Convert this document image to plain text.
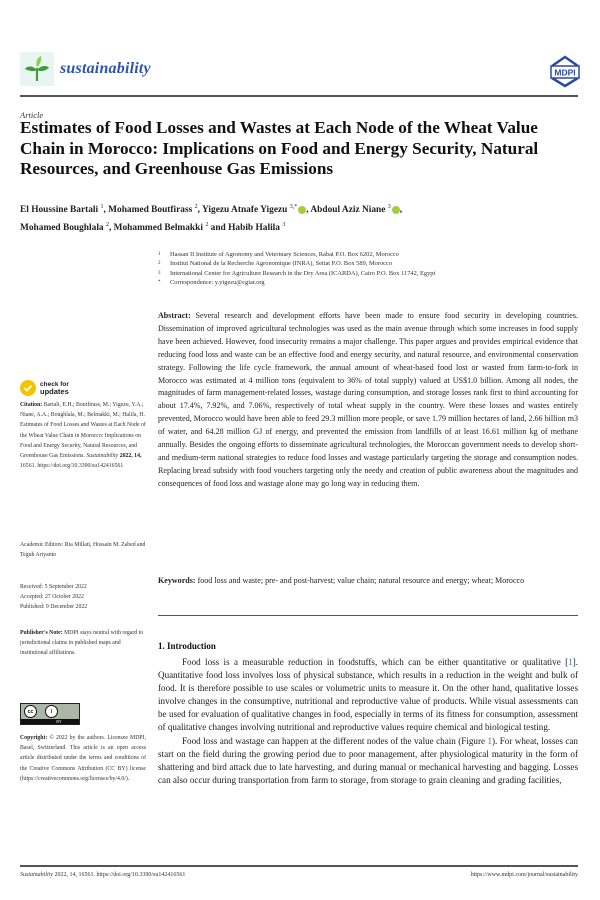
sustainability	MDPI
Article
Estimates of Food Losses and Wastes at Each Node of the Wheat Value Chain in Morocco: Implications on Food and Energy Security, Natural Resources, and Greenhouse Gas Emissions
El Houssine Bartali $^1$, Mohamed Boutfirass $^2$, Yigezu Atnafe Yigezu $^{3,*}$ , Abdoul Aziz Niane $^3$ ,
Mohamed Boughlala $^2$, Mohammed Belmakki $^2$ and Habib Halila $^3$
1	Hassan II Institute of Agronomy and Veterinary Sciences, Rabat P.O. Box 6202, Morocco
2	Institut National de la Recherche Agronomique (INRA), Settat P.O. Box 589, Morocco
3	International Center for Agriculture Research in the Dry Area (ICARDA), Cairo P.O. Box 11742, Egypt
*	Correspondence: y.yigezu@cgiar.org
Abstract: Several research and development efforts have been made to ensure food security in developing countries. Dissemination of improved agricultural technologies was used as the main avenue through which some increases in food supply have been achieved. However, food insecurity remains a major challenge. This paper argues and provides empirical evidence that reducing food loss and waste can be an effective food and energy security, and natural resource, and environmental conservation strategy. Following the life cycle framework, the annual amount of wheat-based food lost or wasted from farm-to-fork in Morocco was estimated at 4 million tons (equivalent to 36% of total supply) valued at US$1.0 billion. Among all nodes, the magnitudes of farm management-related losses, wastage during consumption, and storage losses rank first to third accounting for about 17.4%, 7.92%, and 7.06%, respectively of total wheat supply in the country. Were these losses and wastes entirely prevented, Morocco would have been able to feed 29.3 million more people, or save 1.79 million hectares of land, 2.66 billion m3 of water, and 64.28 million GJ of energy, and prevented the emission from landfills of at least 16.61 million kg of methane annually. Besides the ongoing efforts to disseminate agricultural technologies, the Moroccan government needs to develop short- and medium-term national strategies to reduce food losses and wastage particularly targeting the storage and consumption nodes. Replacing bread subsidy with food vouchers targeting only the needy and creation of public awareness about the magnitudes and consequences of food loss and wastage alone may go long way in reducing them.
Keywords: food loss and waste; pre- and post-harvest; value chain; natural resource and energy; wheat; Morocco
1. Introduction

Food loss is a measurable reduction in foodstuffs, which can be either quantitative or qualitative [1]. Quantitative food loss involves loss of physical substance, which results in a reduction in the weight and bulk of food. It is therefore possible to use scales or volumetric units to measure it. On the other hand, qualitative losses involve changes in the consumptive, nutritional and reproductive value of products. While visual assessments can be used for evaluation of qualitative changes in food, especially in terms of its fitness for consumption, assessment of qualitative changes involving nutritional and reproductive values require chemical and biological testing.

Food loss and wastage can happen at the different nodes of the value chain (Figure 1). For wheat, losses can start on the field during the growing period due to poor management, after physiological maturity in the form of shattering and bird attack due to late harvesting, and during manual or mechanical harvesting and bagging. Losses can also occur during transportation from farm to storage, from storage to grain cleaning and grading facilities,

check for
updates
Citation: Bartali, E.H.; Boutfirass, M.; Yigezu, Y.A.; Niane, A.A.; Boughlala, M.; Belmakki, M.; Halila, H. Estimates of Food Losses and Wastes at Each Node of the Wheat Value Chain in Morocco: Implications on Food and Energy Security, Natural Resources, and Greenhouse Gas Emissions. Sustainability 2022, 14, 16561. https://doi.org/10.3390/su142416561
Academic Editors: Ria Millati, Hossain M. Zabed and Teguh Ariyanto
Received: 5 September 2022
Accepted: 27 October 2022
Published: 9 December 2022
Publisher's Note: MDPI stays neutral with regard to jurisdictional claims in published maps and institutional affiliations.
cc	i
BY
Copyright: © 2022 by the authors. Licensee MDPI, Basel, Switzerland. This article is an open access article distributed under the terms and conditions of the Creative Commons Attribution (CC BY) license (https://creativecommons.org/licenses/by/4.0/).
Sustainability 2022, 14, 16561. https://doi.org/10.3390/su142416561	https://www.mdpi.com/journal/sustainability
